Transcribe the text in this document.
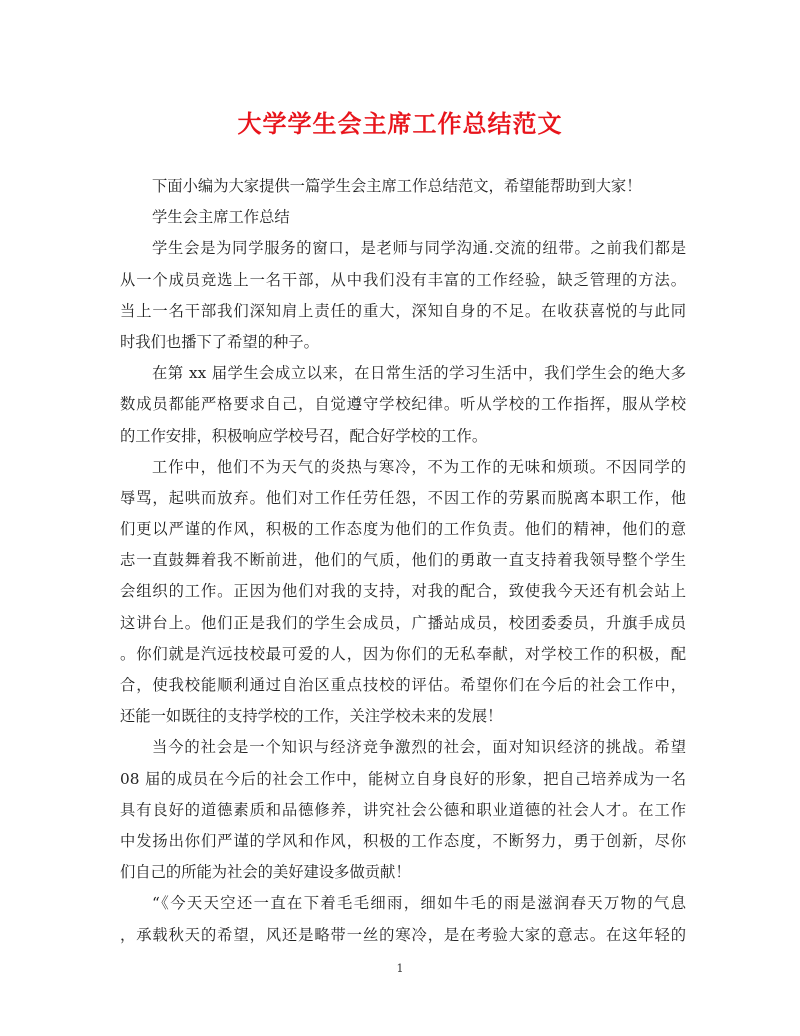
大学学生会主席工作总结范文
下面小编为大家提供一篇学生会主席工作总结范文，希望能帮助到大家！
学生会主席工作总结
学生会是为同学服务的窗口，是老师与同学沟通.交流的纽带。之前我们都是
从一个成员竞选上一名干部，从中我们没有丰富的工作经验，缺乏管理的方法。
当上一名干部我们深知肩上责任的重大，深知自身的不足。在收获喜悦的与此同
时我们也播下了希望的种子。
在第 xx 届学生会成立以来，在日常生活的学习生活中，我们学生会的绝大多
数成员都能严格要求自己，自觉遵守学校纪律。听从学校的工作指挥，服从学校
的工作安排，积极响应学校号召，配合好学校的工作。
工作中，他们不为天气的炎热与寒冷，不为工作的无味和烦琐。不因同学的
辱骂，起哄而放弃。他们对工作任劳任怨，不因工作的劳累而脱离本职工作，他
们更以严谨的作风，积极的工作态度为他们的工作负责。他们的精神，他们的意
志一直鼓舞着我不断前进，他们的气质，他们的勇敢一直支持着我领导整个学生
会组织的工作。正因为他们对我的支持，对我的配合，致使我今天还有机会站上
这讲台上。他们正是我们的学生会成员，广播站成员，校团委委员，升旗手成员
。你们就是汽远技校最可爱的人，因为你们的无私奉献，对学校工作的积极，配
合，使我校能顺利通过自治区重点技校的评估。希望你们在今后的社会工作中，
还能一如既往的支持学校的工作，关注学校未来的发展！
当今的社会是一个知识与经济竞争激烈的社会，面对知识经济的挑战。希望
08 届的成员在今后的社会工作中，能树立自身良好的形象，把自己培养成为一名
具有良好的道德素质和品德修养，讲究社会公德和职业道德的社会人才。在工作
中发扬出你们严谨的学风和作风，积极的工作态度，不断努力，勇于创新，尽你
们自己的所能为社会的美好建设多做贡献！
“《今天天空还一直在下着毛毛细雨，细如牛毛的雨是滋润春天万物的气息
，承载秋天的希望，风还是略带一丝的寒冷，是在考验大家的意志。在这年轻的
1
